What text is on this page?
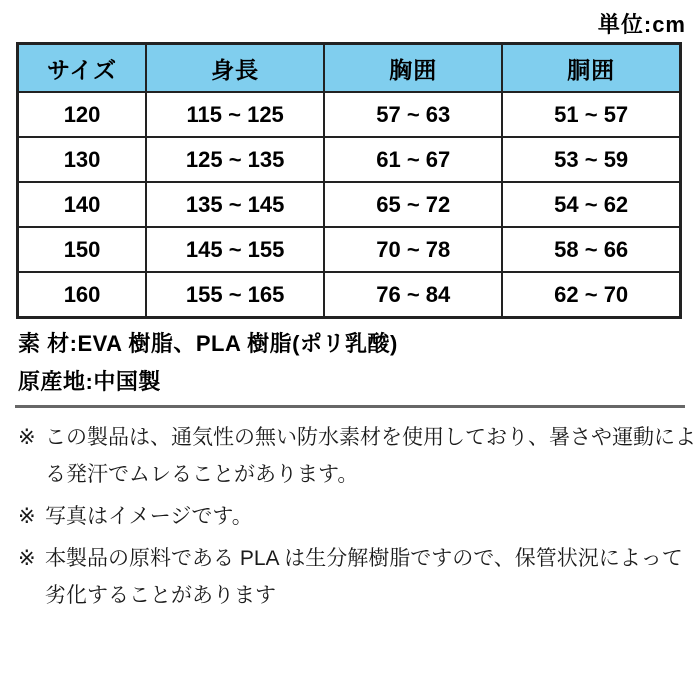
単位:cm
サイズ	身長	胸囲	胴囲
120	115 ~ 125	57 ~ 63	51 ~ 57
130	125 ~ 135	61 ~ 67	53 ~ 59
140	135 ~ 145	65 ~ 72	54 ~ 62
150	145 ~ 155	70 ~ 78	58 ~ 66
160	155 ~ 165	76 ~ 84	62 ~ 70

素 材:EVA 樹脂、PLA 樹脂(ポリ乳酸)

原産地:中国製

※ この製品は、通気性の無い防水素材を使用しており、暑さや運動による発汗でムレることがあります。

※ 写真はイメージです。

※ 本製品の原料である PLA は生分解樹脂ですので、保管状況によって劣化することがあります
